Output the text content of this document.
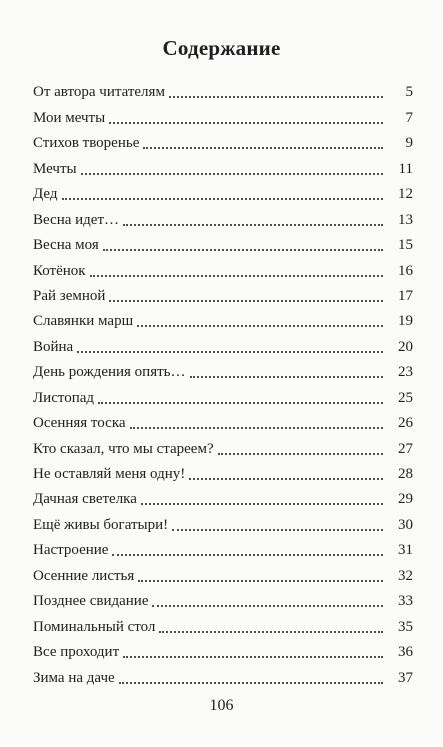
Содержание
От автора читателям	5
Мои мечты	7
Стихов творенье	9
Мечты	11
Дед	12
Весна идет…	13
Весна моя	15
Котёнок	16
Рай земной	17
Славянки марш	19
Война	20
День рождения опять…	23
Листопад	25
Осенняя тоска	26
Кто сказал, что мы стареем?	27
Не оставляй меня одну!	28
Дачная светелка	29
Ещё живы богатыри!	30
Настроение	31
Осенние листья	32
Позднее свидание	33
Поминальный стол	35
Все проходит	36
Зима на даче	37
106
